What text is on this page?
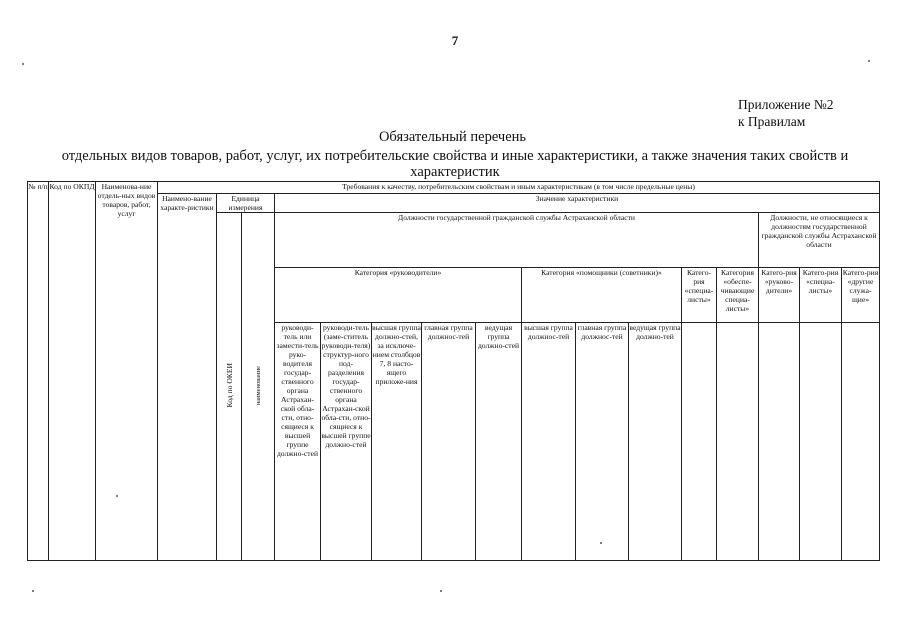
7
Приложение №2
к Правилам
Обязательный перечень
отдельных видов товаров, работ, услуг, их потребительские свойства и иные характеристики, а также значения таких свойств и характеристик
№ п/п	Код по ОКПД	Наименова-ние отдель-ных видов товаров, работ, услуг	Требования к качеству, потребительским свойствам и иным характеристикам (в том числе предельные цены)															
			Наимено-вание характе-ристики	Единица измерения		Значение характеристики												
				Код по ОКЕИ	наименование	Должности государственной гражданской службы Астраханской области										Должности, не относящиеся к должностям государственной гражданской службы Астраханской области		
						Категория «руководители»					Категория «помощники (советники)»			Катего-рия «специа-листы»	Категория «обеспе-чивающие специа-листы»	Катего-рия «руково-дители»	Катего-рия «специа-листы»	Катего-рия «другие служа-щие»
						руководи-тель или замести-тель руко-водителя государ-ственного органа Астрахан-ской обла-сти, отно-сящиеся к высшей группе должно-стей	руководи-тель (заме-ститель руководи-теля) структур-ного под-разделения государ-ственного органа Астрахан-ской обла-сти, отно-сящиеся к высшей группе должно-стей	высшая группа должно-стей, за исключе-нием столбцов 7, 8 насто-ящего приложе-ния	главная группа должнос-тей	ведущая группа должно-стей	высшая группа должнос-тей	главная группа должнос-тей	ведущая группа должно-тей					
